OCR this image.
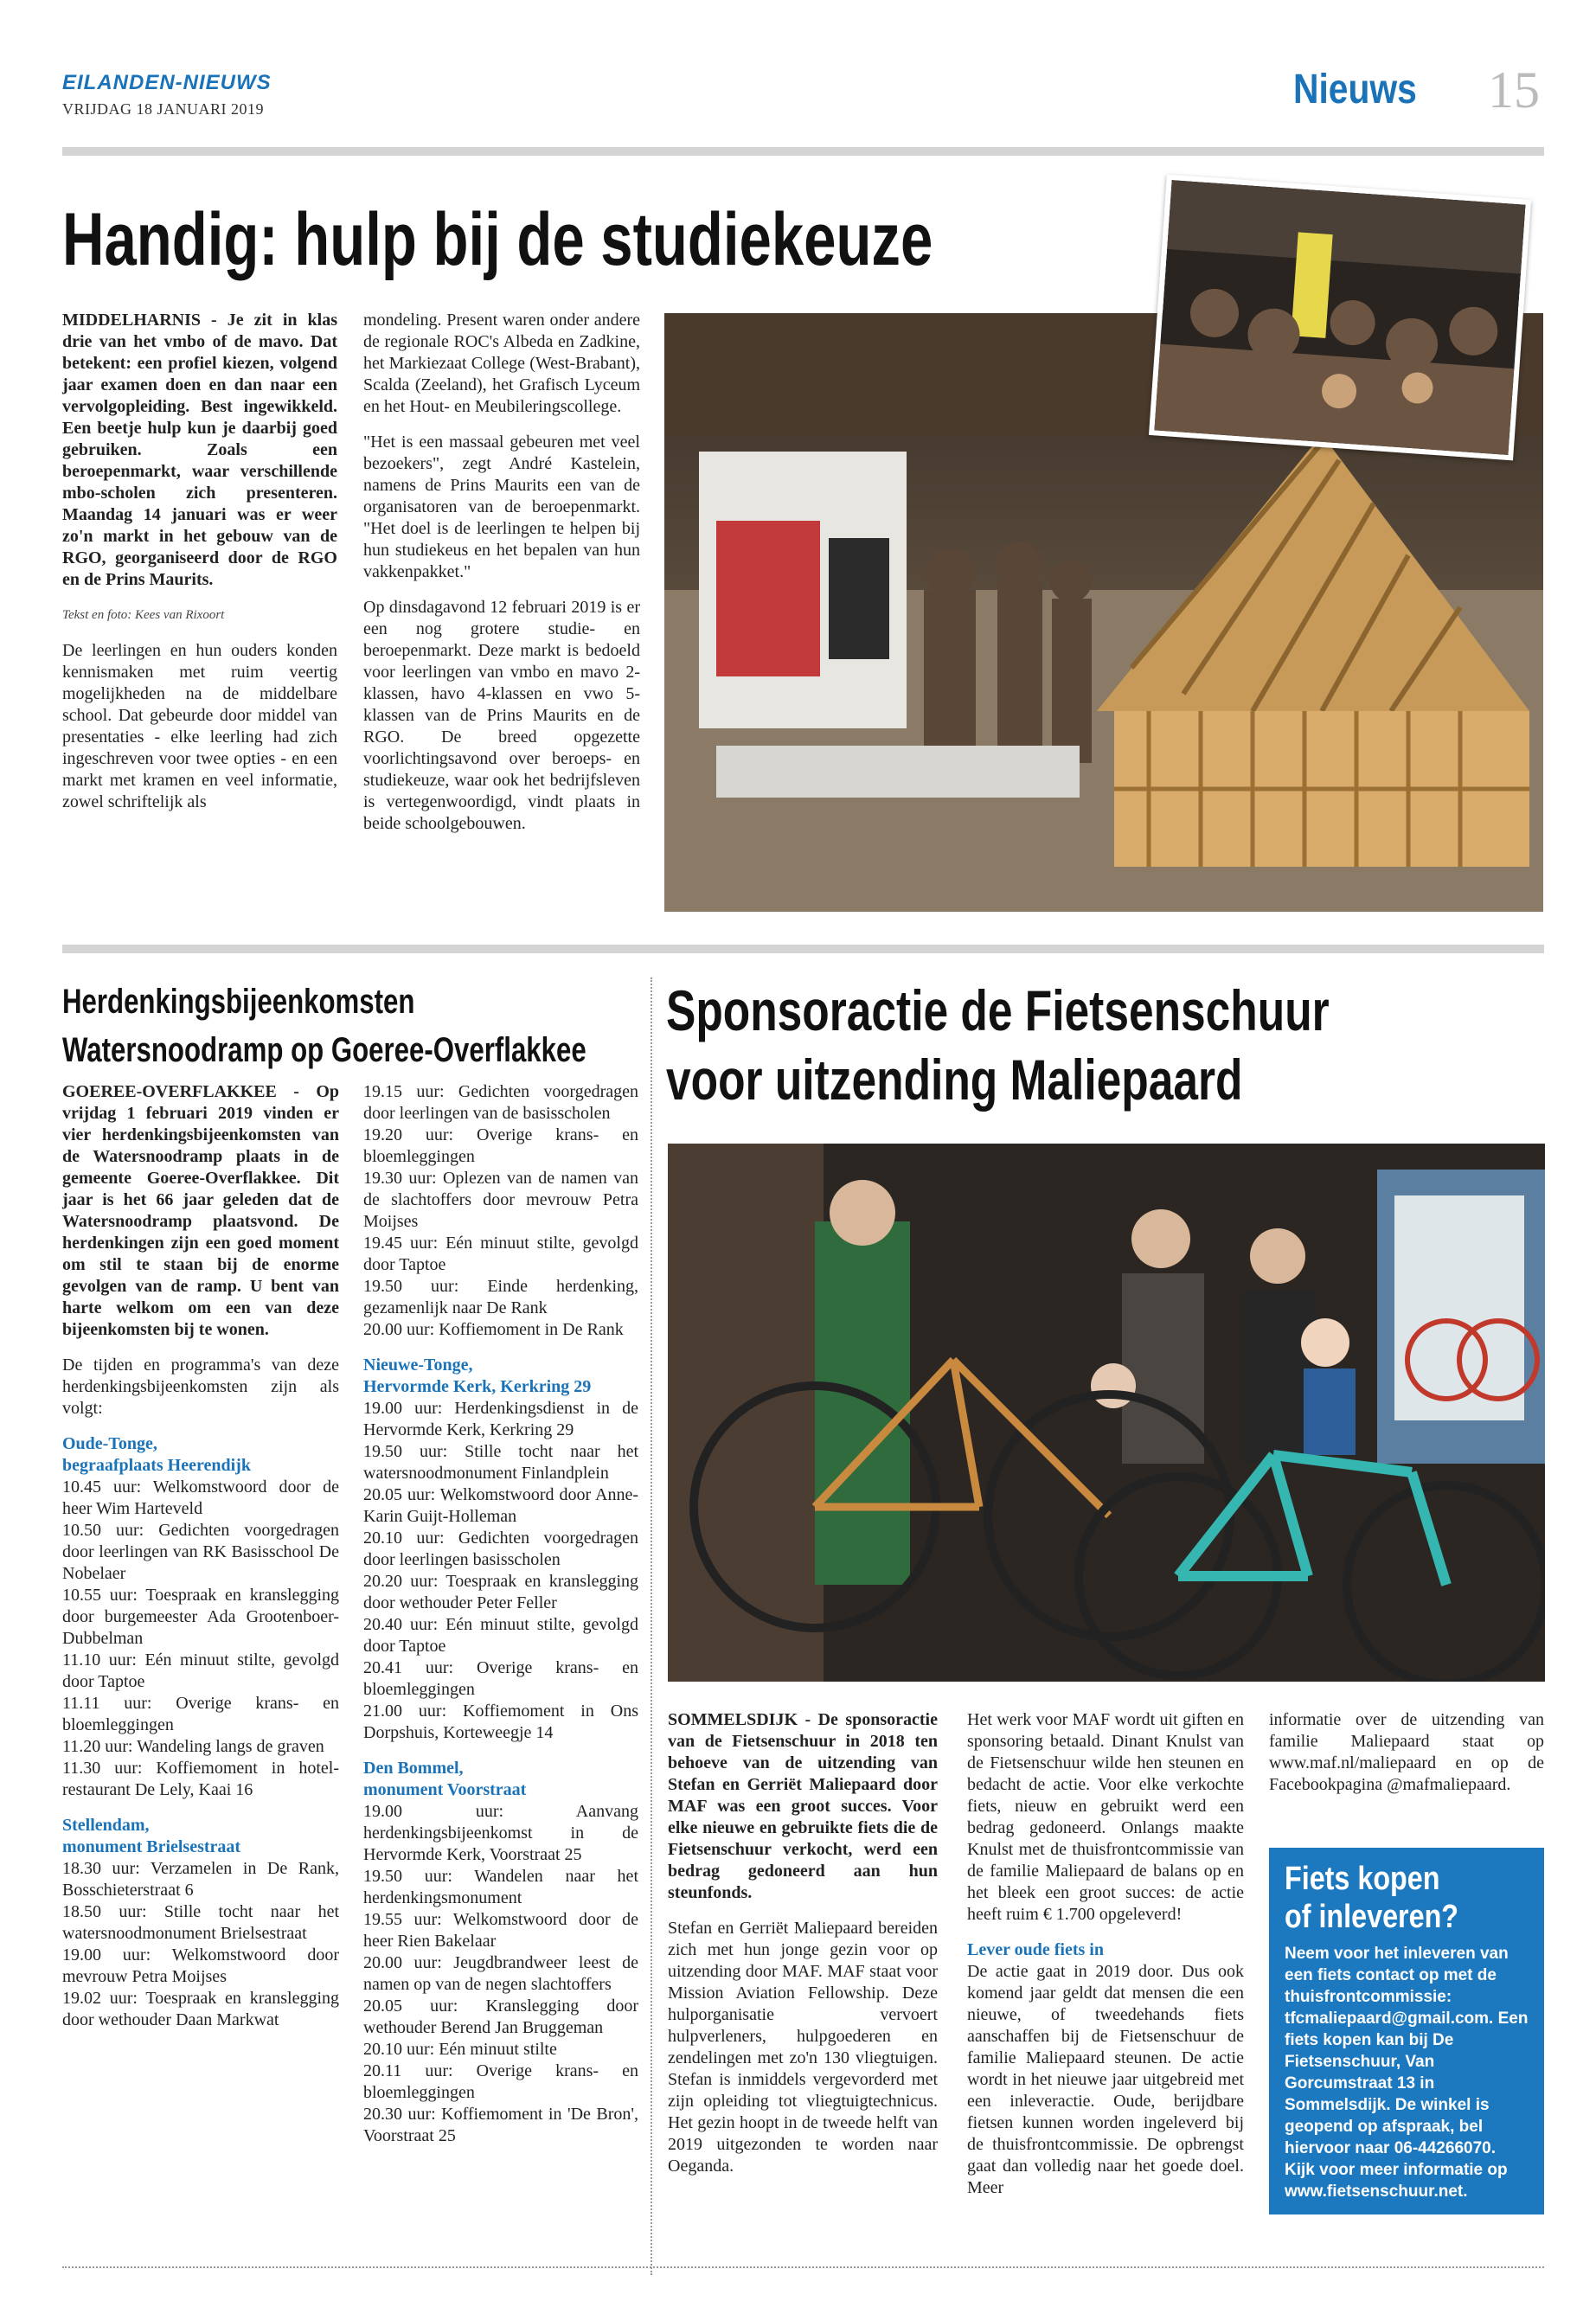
EILANDEN-NIEUWS
VRIJDAG 18 JANUARI 2019	Nieuws 15
Handig: hulp bij de studiekeuze

MIDDELHARNIS - Je zit in klas drie van het vmbo of de mavo. Dat betekent: een profiel kiezen, volgend jaar examen doen en dan naar een vervolgopleiding. Best ingewikkeld. Een beetje hulp kun je daarbij goed gebruiken. Zoals een beroepenmarkt, waar verschillende mbo-scholen zich presenteren. Maandag 14 januari was er weer zo'n markt in het gebouw van de RGO, georganiseerd door de RGO en de Prins Maurits.

Tekst en foto: Kees van Rixoort

De leerlingen en hun ouders konden kennismaken met ruim veertig mogelijkheden na de middelbare school. Dat gebeurde door middel van presentaties - elke leerling had zich ingeschreven voor twee opties - en een markt met kramen en veel informatie, zowel schriftelijk als

mondeling. Present waren onder andere de regionale ROC's Albeda en Zadkine, het Markiezaat College (West-Brabant), Scalda (Zeeland), het Grafisch Lyceum en het Hout- en Meubileringscollege.

"Het is een massaal gebeuren met veel bezoekers", zegt André Kastelein, namens de Prins Maurits een van de organisatoren van de beroepenmarkt. "Het doel is de leerlingen te helpen bij hun studiekeus en het bepalen van hun vakkenpakket."

Op dinsdagavond 12 februari 2019 is er een nog grotere studie- en beroepenmarkt. Deze markt is bedoeld voor leerlingen van vmbo en mavo 2-klassen, havo 4-klassen en vwo 5-klassen van de Prins Maurits en de RGO. De breed opgezette voorlichtingsavond over beroeps- en studiekeuze, waar ook het bedrijfsleven is vertegenwoordigd, vindt plaats in beide schoolgebouwen.

Herdenkingsbijeenkomsten
Watersnoodramp op Goeree-Overflakkee

GOEREE-OVERFLAKKEE - Op vrijdag 1 februari 2019 vinden er vier herdenkingsbijeenkomsten van de Watersnoodramp plaats in de gemeente Goeree-Overflakkee. Dit jaar is het 66 jaar geleden dat de Watersnoodramp plaatsvond. De herdenkingen zijn een goed moment om stil te staan bij de enorme gevolgen van de ramp. U bent van harte welkom om een van deze bijeenkomsten bij te wonen.

De tijden en programma's van deze herdenkingsbijeenkomsten zijn als volgt:

Oude-Tonge,
begraafplaats Heerendijk
10.45 uur: Welkomstwoord door de heer Wim Harteveld
10.50 uur: Gedichten voorgedragen door leerlingen van RK Basisschool De Nobelaer
10.55 uur: Toespraak en kranslegging door burgemeester Ada Grootenboer-Dubbelman
11.10 uur: Eén minuut stilte, gevolgd door Taptoe
11.11 uur: Overige krans- en bloemleggingen
11.20 uur: Wandeling langs de graven
11.30 uur: Koffiemoment in hotel-restaurant De Lely, Kaai 16
Stellendam,
monument Brielsestraat
18.30 uur: Verzamelen in De Rank, Bosschieterstraat 6
18.50 uur: Stille tocht naar het watersnoodmonument Brielsestraat
19.00 uur: Welkomstwoord door mevrouw Petra Moijses
19.02 uur: Toespraak en kranslegging door wethouder Daan Markwat
19.15 uur: Gedichten voorgedragen door leerlingen van de basisscholen
19.20 uur: Overige krans- en bloemleggingen
19.30 uur: Oplezen van de namen van de slachtoffers door mevrouw Petra Moijses
19.45 uur: Eén minuut stilte, gevolgd door Taptoe
19.50 uur: Einde herdenking, gezamenlijk naar De Rank
20.00 uur: Koffiemoment in De Rank
Nieuwe-Tonge,
Hervormde Kerk, Kerkring 29
19.00 uur: Herdenkingsdienst in de Hervormde Kerk, Kerkring 29
19.50 uur: Stille tocht naar het watersnoodmonument Finlandplein
20.05 uur: Welkomstwoord door Anne-Karin Guijt-Holleman
20.10 uur: Gedichten voorgedragen door leerlingen basisscholen
20.20 uur: Toespraak en kranslegging door wethouder Peter Feller
20.40 uur: Eén minuut stilte, gevolgd door Taptoe
20.41 uur: Overige krans- en bloemleggingen
21.00 uur: Koffiemoment in Ons Dorpshuis, Korteweegje 14
Den Bommel,
monument Voorstraat
19.00 uur: Aanvang herdenkingsbijeenkomst in de Hervormde Kerk, Voorstraat 25
19.50 uur: Wandelen naar het herdenkingsmonument
19.55 uur: Welkomstwoord door de heer Rien Bakelaar
20.00 uur: Jeugdbrandweer leest de namen op van de negen slachtoffers
20.05 uur: Kranslegging door wethouder Berend Jan Bruggeman
20.10 uur: Eén minuut stilte
20.11 uur: Overige krans- en bloemleggingen
20.30 uur: Koffiemoment in 'De Bron', Voorstraat 25
Sponsoractie de Fietsenschuur
voor uitzending Maliepaard

SOMMELSDIJK - De sponsoractie van de Fietsenschuur in 2018 ten behoeve van de uitzending van Stefan en Gerriët Maliepaard door MAF was een groot succes. Voor elke nieuwe en gebruikte fiets die de Fietsenschuur verkocht, werd een bedrag gedoneerd aan hun steunfonds.

Stefan en Gerriët Maliepaard bereiden zich met hun jonge gezin voor op uitzending door MAF. MAF staat voor Mission Aviation Fellowship. Deze hulporganisatie vervoert hulpverleners, hulpgoederen en zendelingen met zo'n 130 vliegtuigen. Stefan is inmiddels vergevorderd met zijn opleiding tot vliegtuigtechnicus. Het gezin hoopt in de tweede helft van 2019 uitgezonden te worden naar Oeganda.

Het werk voor MAF wordt uit giften en sponsoring betaald. Dinant Knulst van de Fietsenschuur wilde hen steunen en bedacht de actie. Voor elke verkochte fiets, nieuw en gebruikt werd een bedrag gedoneerd. Onlangs maakte Knulst met de thuisfrontcommissie van de familie Maliepaard de balans op en het bleek een groot succes: de actie heeft ruim € 1.700 opgeleverd!

Lever oude fiets in

De actie gaat in 2019 door. Dus ook komend jaar geldt dat mensen die een nieuwe, of tweedehands fiets aanschaffen bij de Fietsenschuur de familie Maliepaard steunen. De actie wordt in het nieuwe jaar uitgebreid met een inleveractie. Oude, berijdbare fietsen kunnen worden ingeleverd bij de thuisfrontcommissie. De opbrengst gaat dan volledig naar het goede doel. Meer

informatie over de uitzending van familie Maliepaard staat op www.maf.nl/maliepaard en op de Facebookpagina @mafmaliepaard.

Fiets kopen
of inleveren?
Neem voor het inleveren van een fiets contact op met de thuisfrontcommissie: tfcmaliepaard@gmail.com. Een fiets kopen kan bij De Fietsenschuur, Van Gorcumstraat 13 in Sommelsdijk. De winkel is geopend op afspraak, bel hiervoor naar 06-44266070. Kijk voor meer informatie op www.fietsenschuur.net.
